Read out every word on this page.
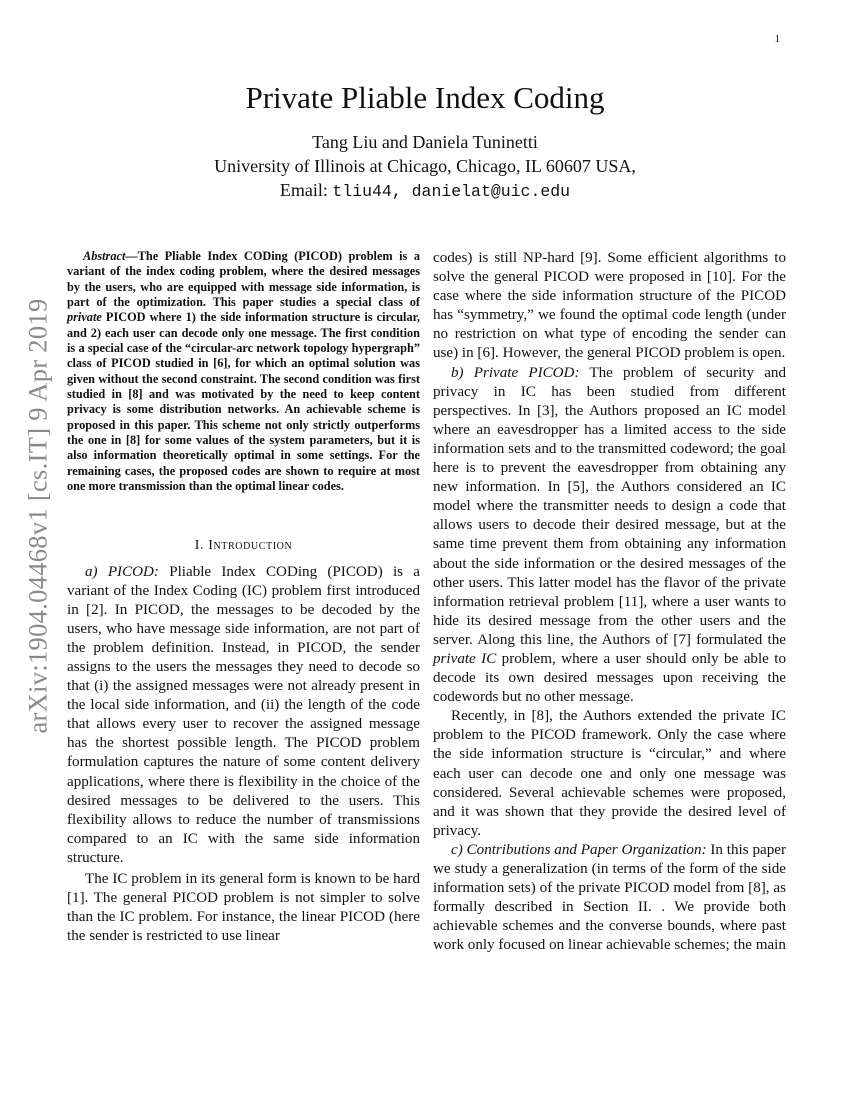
1
arXiv:1904.04468v1 [cs.IT] 9 Apr 2019
Private Pliable Index Coding
Tang Liu and Daniela Tuninetti
University of Illinois at Chicago, Chicago, IL 60607 USA,
Email: tliu44, danielat@uic.edu

Abstract—The Pliable Index CODing (PICOD) problem is a variant of the index coding problem, where the desired messages by the users, who are equipped with message side information, is part of the optimization. This paper studies a special class of private PICOD where 1) the side information structure is circular, and 2) each user can decode only one message. The first condition is a special case of the “circular-arc network topology hypergraph” class of PICOD studied in [6], for which an optimal solution was given without the second constraint. The second condition was first studied in [8] and was motivated by the need to keep content privacy is some distribution networks. An achievable scheme is proposed in this paper. This scheme not only strictly outperforms the one in [8] for some values of the system parameters, but it is also information theoretically optimal in some settings. For the remaining cases, the proposed codes are shown to require at most one more transmission than the optimal linear codes.

I. Introduction

a) PICOD: Pliable Index CODing (PICOD) is a variant of the Index Coding (IC) problem first introduced in [2]. In PICOD, the messages to be decoded by the users, who have message side information, are not part of the problem definition. Instead, in PICOD, the sender assigns to the users the messages they need to decode so that (i) the assigned messages were not already present in the local side information, and (ii) the length of the code that allows every user to recover the assigned message has the shortest possible length. The PICOD problem formulation captures the nature of some content delivery applications, where there is flexibility in the choice of the desired messages to be delivered to the users. This flexibility allows to reduce the number of transmissions compared to an IC with the same side information structure.

The IC problem in its general form is known to be hard [1]. The general PICOD problem is not simpler to solve than the IC problem. For instance, the linear PICOD (here the sender is restricted to use linear

codes) is still NP-hard [9]. Some efficient algorithms to solve the general PICOD were proposed in [10]. For the case where the side information structure of the PICOD has “symmetry,” we found the optimal code length (under no restriction on what type of encoding the sender can use) in [6]. However, the general PICOD problem is open.

b) Private PICOD: The problem of security and privacy in IC has been studied from different perspectives. In [3], the Authors proposed an IC model where an eavesdropper has a limited access to the side information sets and to the transmitted codeword; the goal here is to prevent the eavesdropper from obtaining any new information. In [5], the Authors considered an IC model where the transmitter needs to design a code that allows users to decode their desired message, but at the same time prevent them from obtaining any information about the side information or the desired messages of the other users. This latter model has the flavor of the private information retrieval problem [11], where a user wants to hide its desired message from the other users and the server. Along this line, the Authors of [7] formulated the private IC problem, where a user should only be able to decode its own desired messages upon receiving the codewords but no other message.

Recently, in [8], the Authors extended the private IC problem to the PICOD framework. Only the case where the side information structure is “circular,” and where each user can decode one and only one message was considered. Several achievable schemes were proposed, and it was shown that they provide the desired level of privacy.

c) Contributions and Paper Organization: In this paper we study a generalization (in terms of the form of the side information sets) of the private PICOD model from [8], as formally described in Section II. . We provide both achievable schemes and the converse bounds, where past work only focused on linear achievable schemes; the main
